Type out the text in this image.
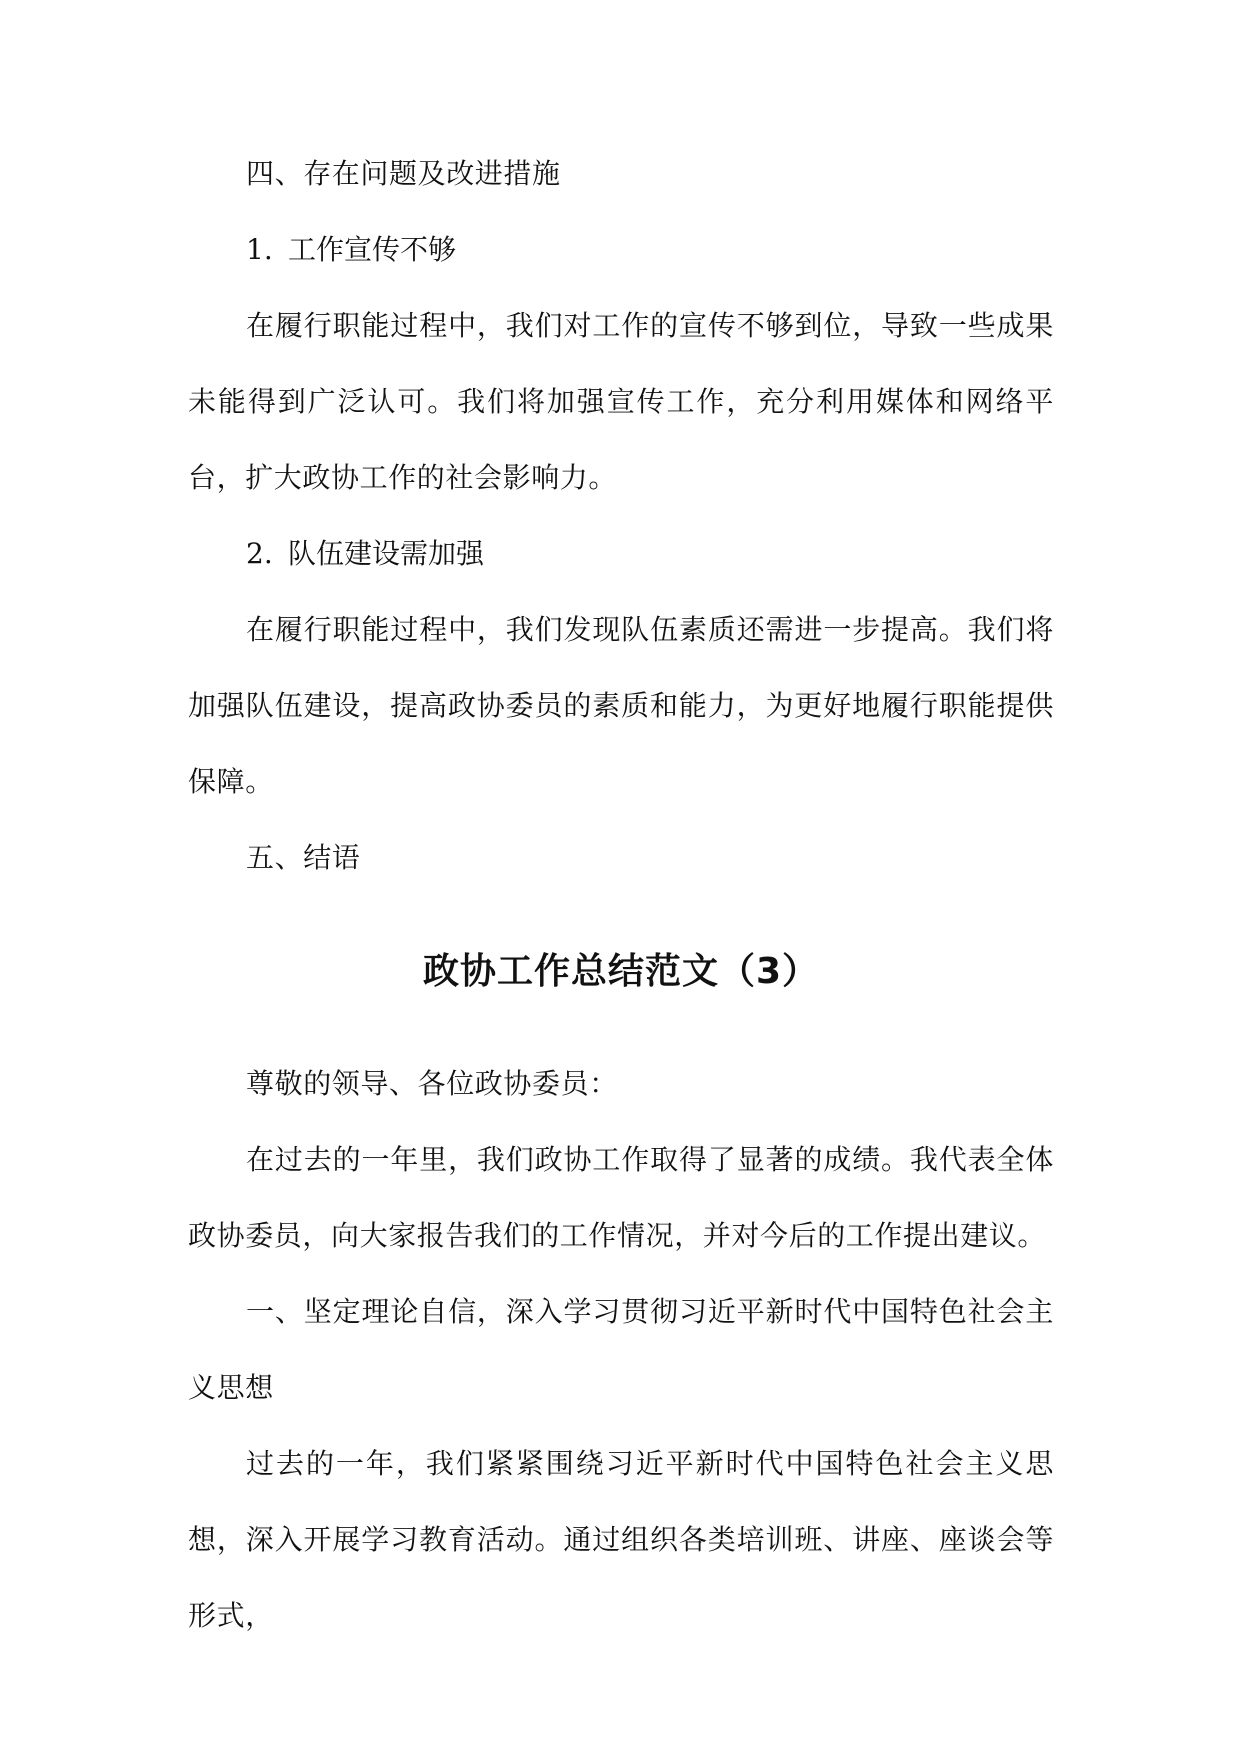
四、存在问题及改进措施

1. 工作宣传不够

在履行职能过程中，我们对工作的宣传不够到位，导致一些成果未能得到广泛认可。我们将加强宣传工作，充分利用媒体和网络平台，扩大政协工作的社会影响力。

2. 队伍建设需加强

在履行职能过程中，我们发现队伍素质还需进一步提高。我们将加强队伍建设，提高政协委员的素质和能力，为更好地履行职能提供保障。

五、结语

政协工作总结范文（3）

尊敬的领导、各位政协委员：

在过去的一年里，我们政协工作取得了显著的成绩。我代表全体政协委员，向大家报告我们的工作情况，并对今后的工作提出建议。

一、坚定理论自信，深入学习贯彻习近平新时代中国特色社会主义思想

过去的一年，我们紧紧围绕习近平新时代中国特色社会主义思想，深入开展学习教育活动。通过组织各类培训班、讲座、座谈会等形式，
